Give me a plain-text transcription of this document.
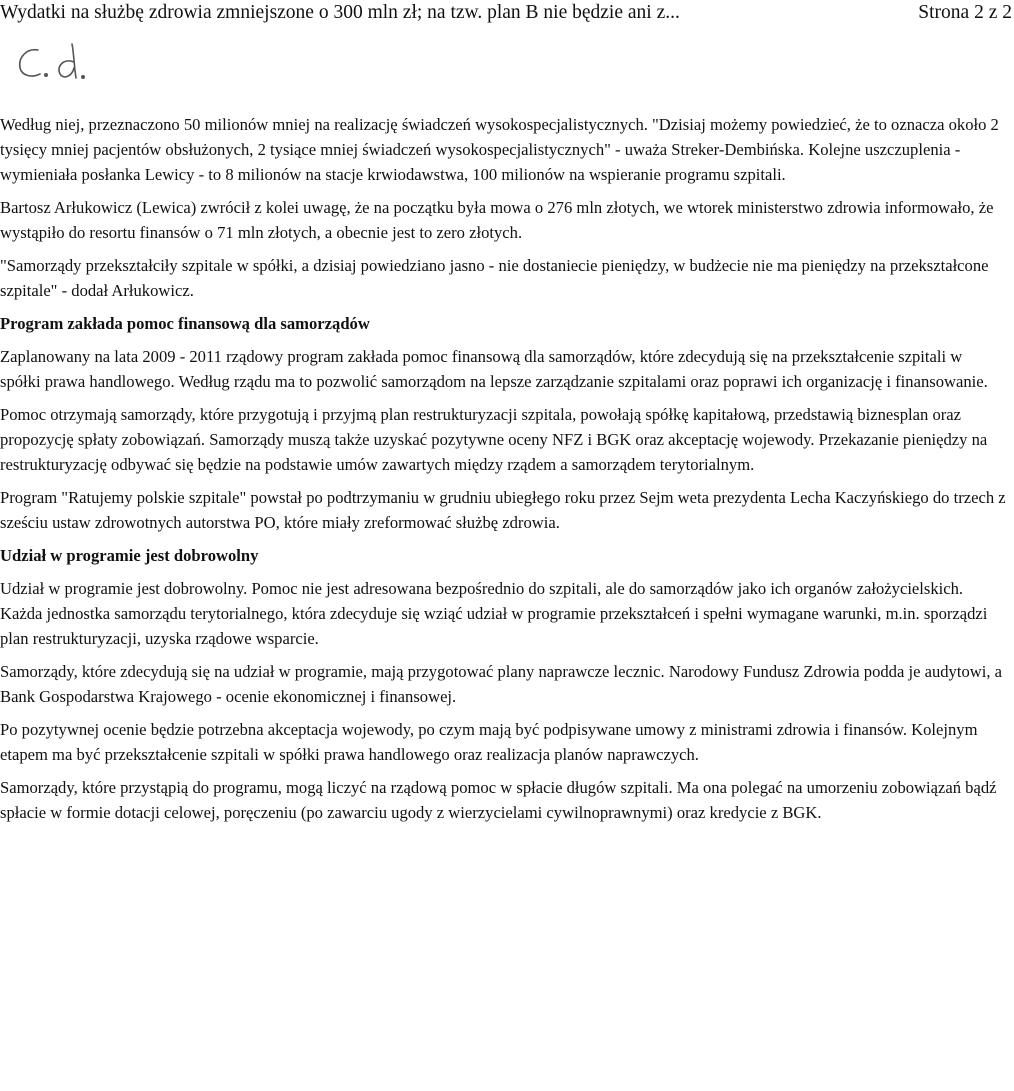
Wydatki na służbę zdrowia zmniejszone o 300 mln zł; na tzw. plan B nie będzie ani z...	Strona 2 z 2

Według niej, przeznaczono 50 milionów mniej na realizację świadczeń wysokospecjalistycznych. "Dzisiaj możemy powiedzieć, że to oznacza około 2 tysięcy mniej pacjentów obsłużonych, 2 tysiące mniej świadczeń wysokospecjalistycznych" - uważa Streker-Dembińska. Kolejne uszczuplenia - wymieniała posłanka Lewicy - to 8 milionów na stacje krwiodawstwa, 100 milionów na wspieranie programu szpitali.

Bartosz Arłukowicz (Lewica) zwrócił z kolei uwagę, że na początku była mowa o 276 mln złotych, we wtorek ministerstwo zdrowia informowało, że wystąpiło do resortu finansów o 71 mln złotych, a obecnie jest to zero złotych.

"Samorządy przekształciły szpitale w spółki, a dzisiaj powiedziano jasno - nie dostaniecie pieniędzy, w budżecie nie ma pieniędzy na przekształcone szpitale" - dodał Arłukowicz.

Program zakłada pomoc finansową dla samorządów

Zaplanowany na lata 2009 - 2011 rządowy program zakłada pomoc finansową dla samorządów, które zdecydują się na przekształcenie szpitali w spółki prawa handlowego. Według rządu ma to pozwolić samorządom na lepsze zarządzanie szpitalami oraz poprawi ich organizację i finansowanie.

Pomoc otrzymają samorządy, które przygotują i przyjmą plan restrukturyzacji szpitala, powołają spółkę kapitałową, przedstawią biznesplan oraz propozycję spłaty zobowiązań. Samorządy muszą także uzyskać pozytywne oceny NFZ i BGK oraz akceptację wojewody. Przekazanie pieniędzy na restrukturyzację odbywać się będzie na podstawie umów zawartych między rządem a samorządem terytorialnym.

Program "Ratujemy polskie szpitale" powstał po podtrzymaniu w grudniu ubiegłego roku przez Sejm weta prezydenta Lecha Kaczyńskiego do trzech z sześciu ustaw zdrowotnych autorstwa PO, które miały zreformować służbę zdrowia.

Udział w programie jest dobrowolny

Udział w programie jest dobrowolny. Pomoc nie jest adresowana bezpośrednio do szpitali, ale do samorządów jako ich organów założycielskich. Każda jednostka samorządu terytorialnego, która zdecyduje się wziąć udział w programie przekształceń i spełni wymagane warunki, m.in. sporządzi plan restrukturyzacji, uzyska rządowe wsparcie.

Samorządy, które zdecydują się na udział w programie, mają przygotować plany naprawcze lecznic. Narodowy Fundusz Zdrowia podda je audytowi, a Bank Gospodarstwa Krajowego - ocenie ekonomicznej i finansowej.

Po pozytywnej ocenie będzie potrzebna akceptacja wojewody, po czym mają być podpisywane umowy z ministrami zdrowia i finansów. Kolejnym etapem ma być przekształcenie szpitali w spółki prawa handlowego oraz realizacja planów naprawczych.

Samorządy, które przystąpią do programu, mogą liczyć na rządową pomoc w spłacie długów szpitali. Ma ona polegać na umorzeniu zobowiązań bądź spłacie w formie dotacji celowej, poręczeniu (po zawarciu ugody z wierzycielami cywilnoprawnymi) oraz kredycie z BGK.
